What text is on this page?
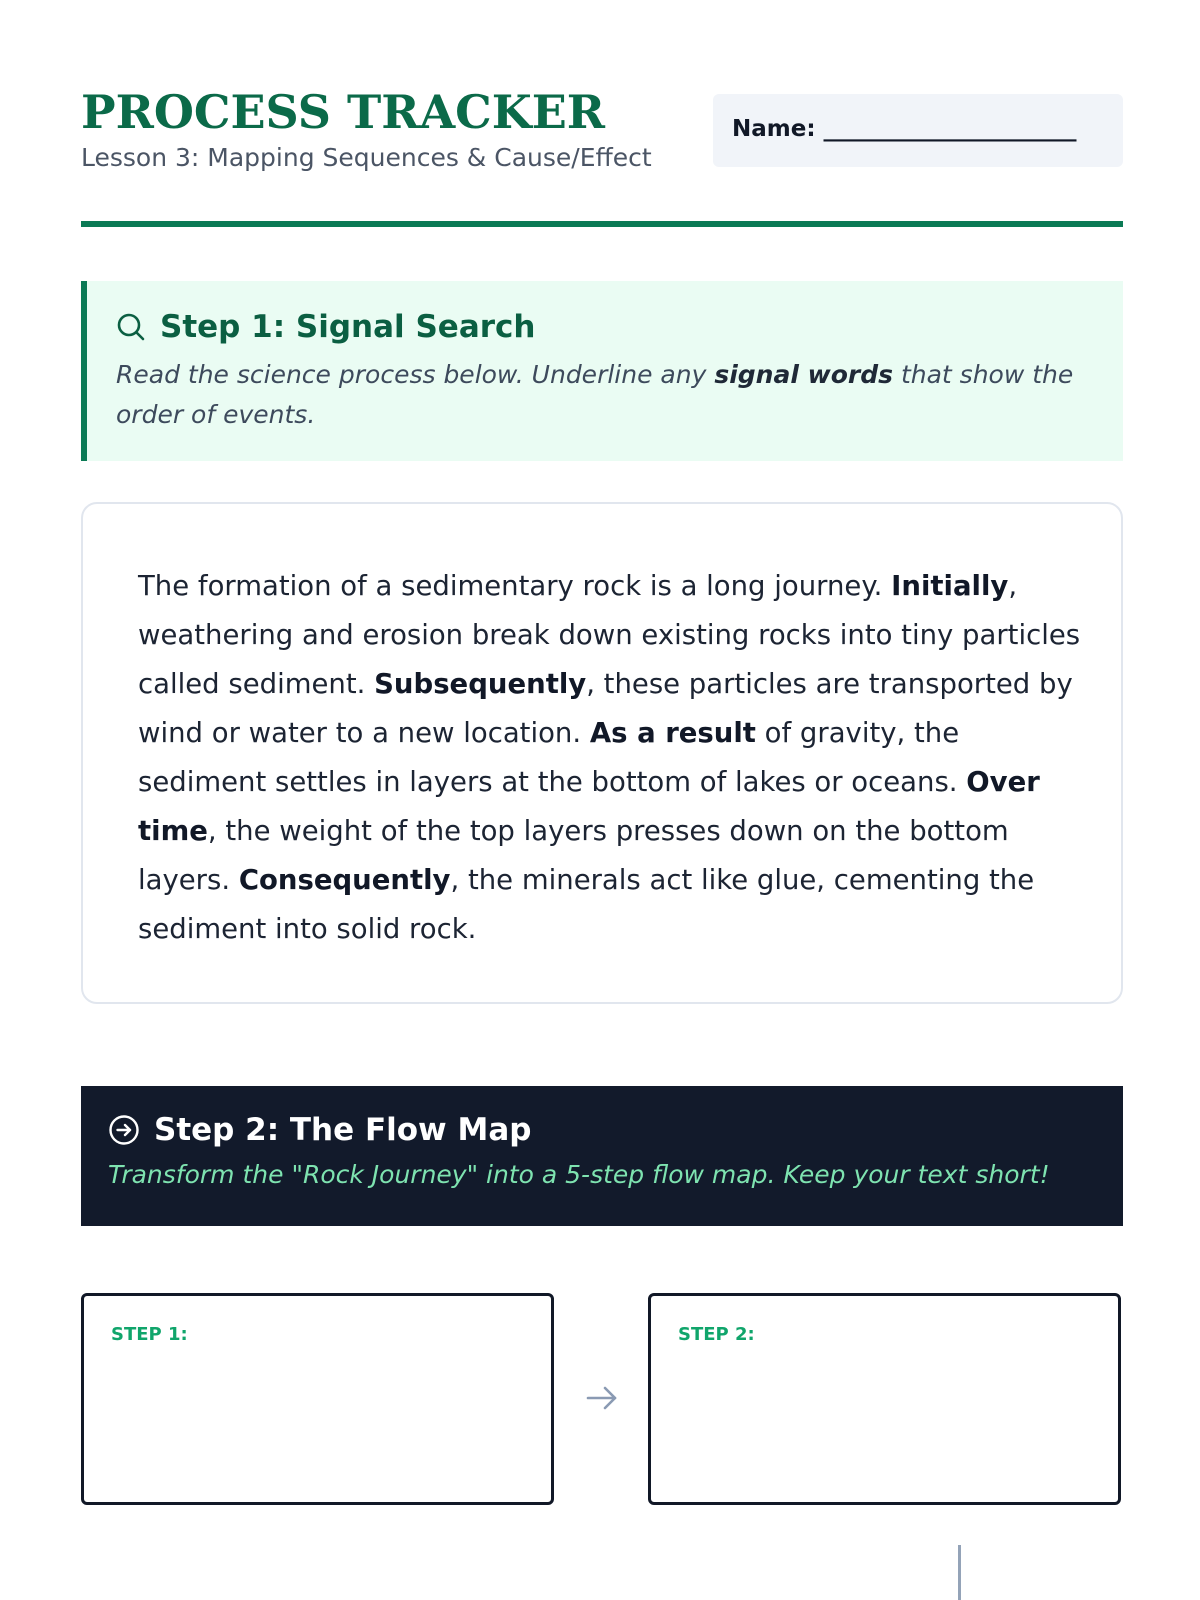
PROCESS TRACKER
Lesson 3: Mapping Sequences & Cause/Effect
Name: ______________________
Step 1: Signal Search
Read the science process below. Underline any signal words that show the order of events.
The formation of a sedimentary rock is a long journey. Initially, weathering and erosion break down existing rocks into tiny particles called sediment. Subsequently, these particles are transported by wind or water to a new location. As a result of gravity, the sediment settles in layers at the bottom of lakes or oceans. Over time, the weight of the top layers presses down on the bottom layers. Consequently, the minerals act like glue, cementing the sediment into solid rock.
Step 2: The Flow Map
Transform the "Rock Journey" into a 5-step flow map. Keep your text short!
STEP 1:	STEP 2:
